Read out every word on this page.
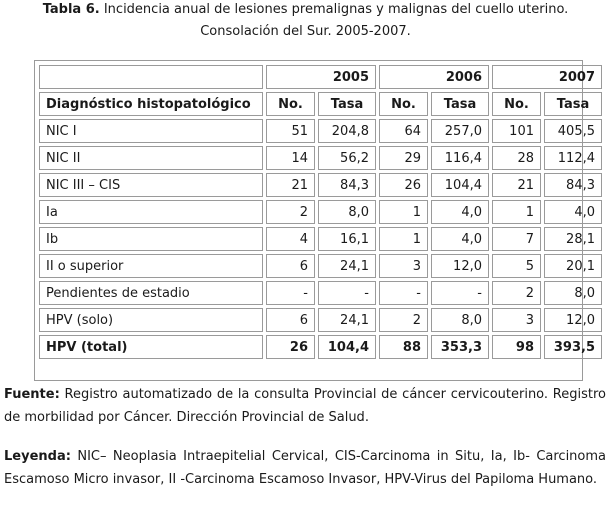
Tabla 6. Incidencia anual de lesiones premalignas y malignas del cuello uterino.
Consolación del Sur. 2005-2007.
	2005		2006		2007	
Diagnóstico histopatológico	No.	Tasa	No.	Tasa	No.	Tasa
NIC I	51	204,8	64	257,0	101	405,5
NIC II	14	56,2	29	116,4	28	112,4
NIC III – CIS	21	84,3	26	104,4	21	84,3
Ia	2	8,0	1	4,0	1	4,0
Ib	4	16,1	1	4,0	7	28,1
II o superior	6	24,1	3	12,0	5	20,1
Pendientes de estadio	-	-	-	-	2	8,0
HPV (solo)	6	24,1	2	8,0	3	12,0
HPV (total)	26	104,4	88	353,3	98	393,5
Fuente: Registro automatizado de la consulta Provincial de cáncer cervicouterino. Registro de morbilidad por Cáncer. Dirección Provincial de Salud.
Leyenda: NIC– Neoplasia Intraepitelial Cervical, CIS-Carcinoma in Situ, Ia, Ib- Carcinoma Escamoso Micro invasor, II -Carcinoma Escamoso Invasor, HPV-Virus del Papiloma Humano.
